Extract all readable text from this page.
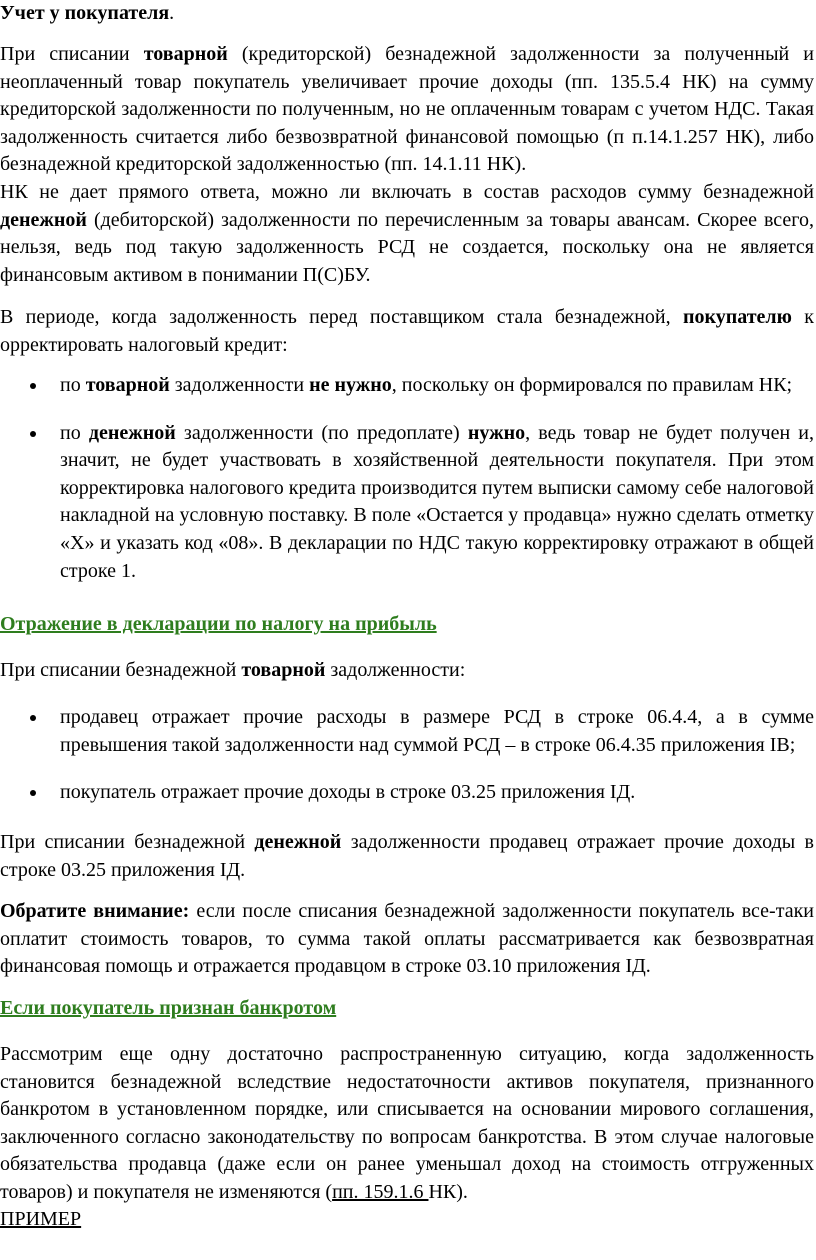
Учет у покупателя.

При списании товарной (кредиторской) безнадежной задолженности за полученный и неоплаченный товар покупатель увеличивает прочие доходы (пп. 135.5.4 НК) на сумму кредиторской задолженности по полученным, но не оплаченным товарам с учетом НДС. Такая задолженность считается либо безвозвратной финансовой помощью (п п.14.1.257 НК), либо безнадежной кредиторской задолженностью (пп. 14.1.11 НК).

НК не дает прямого ответа, можно ли включать в состав расходов сумму безнадежной денежной (дебиторской) задолженности по перечисленным за товары авансам. Скорее всего, нельзя, ведь под такую задолженность РСД не создается, поскольку она не является финансовым активом в понимании П(С)БУ.

В периоде, когда задолженность перед поставщиком стала безнадежной, покупателю к орректировать налоговый кредит:

по товарной задолженности не нужно, поскольку он формировался по правилам НК;
по денежной задолженности (по предоплате) нужно, ведь товар не будет получен и, значит, не будет участвовать в хозяйственной деятельности покупателя. При этом корректировка налогового кредита производится путем выписки самому себе налоговой накладной на условную поставку. В поле «Остается у продавца» нужно сделать отметку «Х» и указать код «08». В декларации по НДС такую корректировку отражают в общей строке 1.

Отражение в декларации по налогу на прибыль

При списании безнадежной товарной задолженности:

продавец отражает прочие расходы в размере РСД в строке 06.4.4, а в сумме превышения такой задолженности над суммой РСД – в строке 06.4.35 приложения ІВ;
покупатель отражает прочие доходы в строке 03.25 приложения ІД.

При списании безнадежной денежной задолженности продавец отражает прочие доходы в строке 03.25 приложения ІД.

Обратите внимание: если после списания безнадежной задолженности покупатель все-таки оплатит стоимость товаров, то сумма такой оплаты рассматривается как безвозвратная финансовая помощь и отражается продавцом в строке 03.10 приложения ІД.

Если покупатель признан банкротом

Рассмотрим еще одну достаточно распространенную ситуацию, когда задолженность становится безнадежной вследствие недостаточности активов покупателя, признанного банкротом в установленном порядке, или списывается на основании мирового соглашения, заключенного согласно законодательству по вопросам банкротства. В этом случае налоговые обязательства продавца (даже если он ранее уменьшал доход на стоимость отгруженных товаров) и покупателя не изменяются (пп. 159.1.6 НК).

ПРИМЕР
